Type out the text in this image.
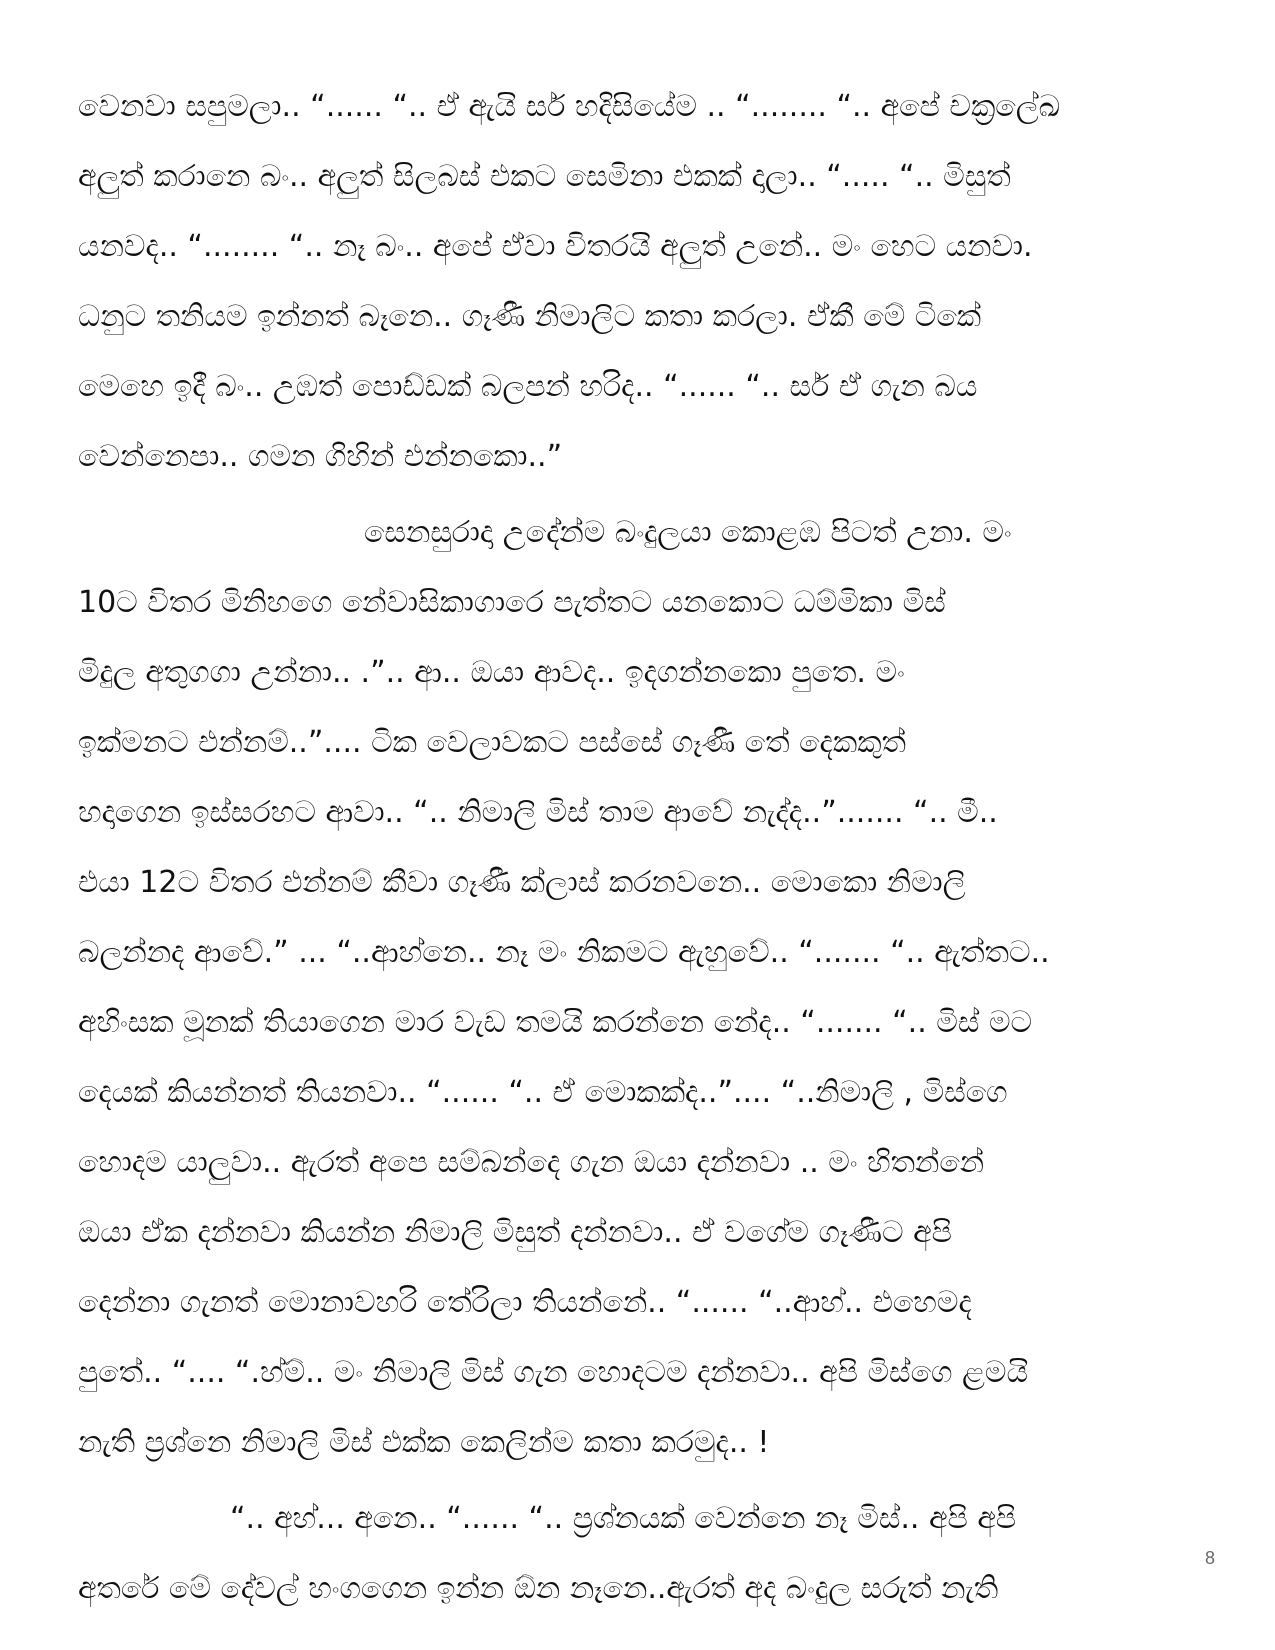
වෙනවා සපුමලා.. “...... “.. ඒ ඇයි සර් හදිසියේම .. “........ “.. අපේ චක්‍රලේඛ
අලුත් කරානෙ බං.. අලුත් සිලබස් එකට සෙමිනා එකක් දාලා.. “..... “.. මිසුත්
යනවද.. “........ “.. නෑ බං.. අපේ ඒවා විතරයි අලුත් උනේ.. මං හෙට යනවා.
ධනුට තනියම ඉන්නත් බෑනෙ.. ගෑණී නිමාලිට කතා කරලා. ඒකී මේ ටිකේ
මෙහෙ ඉදී බං.. උඹත් පොඩ්ඩක් බලපන් හරිද.. “...... “.. සර් ඒ ගැන බය
වෙන්නෙපා.. ගමන ගිහින් එන්නකො..”
සෙනසුරාදා උදේන්ම බංදුලයා කොළඹ පිටත් උනා. මං
10ට විතර මිනිහගෙ නේවාසිකාගාරෙ පැත්තට යනකොට ධම්මිකා මිස්
මිදුල අතුගගා උන්නා.. .”.. ආ.. ඔයා ආවද.. ඉදගන්නකො පුතෙ. මං
ඉක්මනට එන්නම්..”.... ටික වෙලාවකට පස්සේ ගෑණී තේ දෙකකුත්
හදාගෙන ඉස්සරහට ආවා.. “.. නිමාලි මිස් තාම ආවේ නැද්ද..”....... “.. මී..
එයා 12ට විතර එන්නම් කීවා ගෑණී ක්ලාස් කරනවනෙ.. මොකො නිමාලි
බලන්නද ආවේ.” ... “..ආහ්නෙ.. නෑ මං නිකමට ඇහුවේ.. “....... “.. ඇත්තට..
අහිංසක මූනක් තියාගෙන මාර වැඩ තමයි කරන්නෙ නේද.. “....... “.. මිස් මට
දෙයක් කියන්නත් තියනවා.. “...... “.. ඒ මොකක්ද..”.... “..නිමාලි , මිස්ගෙ
හොදම යාලුවා.. ඇරත් අපෙ සම්බන්දෙ ගැන ඔයා දන්නවා .. මං හිතන්නේ
ඔයා ඒක දන්නවා කියන්න නිමාලි මිසුත් දන්නවා.. ඒ වගේම ගෑණීට අපි
දෙන්නා ගැනත් මොනාවහරි තේරිලා තියන්නේ.. “...... “..ආහ්.. එහෙමද
පුතේ.. “.... “.හ්ම්.. මං නිමාලි මිස් ගැන හොදටම දන්නවා.. අපි මිස්ගෙ ළමයි
නැති ප්‍රශ්නෙ නිමාලි මිස් එක්ක කෙලින්ම කතා කරමුද.. !
“.. අහ්... අනෙ.. “...... “.. ප්‍රශ්නයක් වෙන්නෙ නෑ මිස්.. අපි අපි
අතරේ මේ දේවල් හංගගෙන ඉන්න ඕන නෑනෙ..ඇරත් අද බංදුල සරුත් නැති
8
